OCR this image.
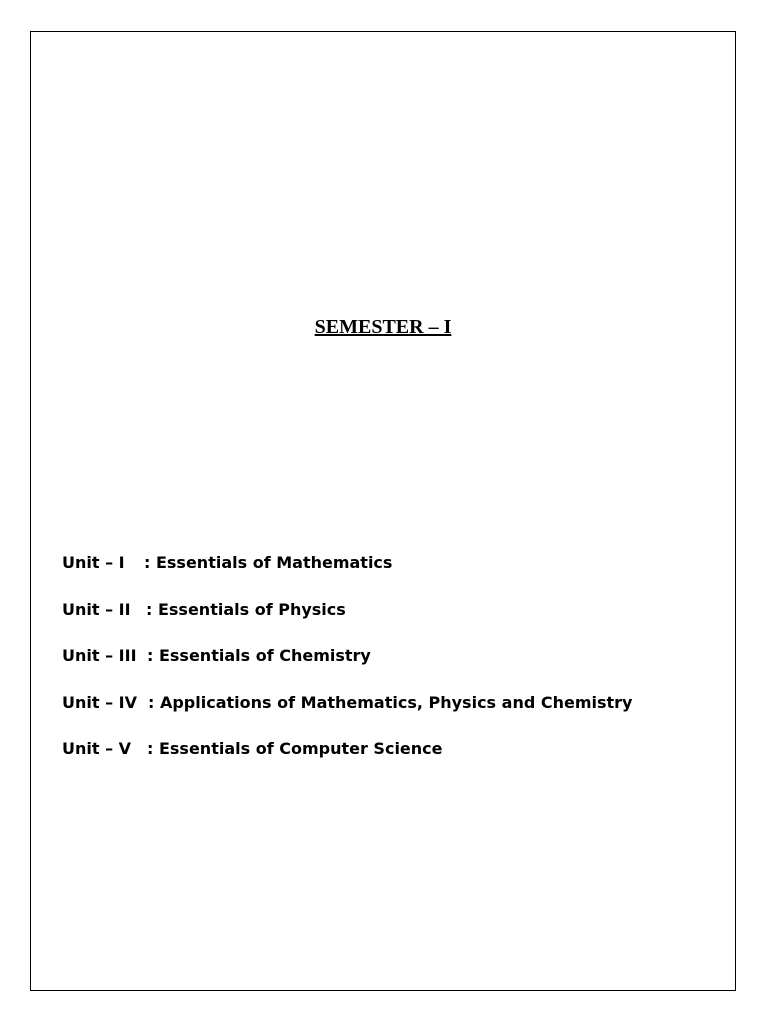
SEMESTER – I
Unit – I : Essentials of Mathematics
Unit – II : Essentials of Physics
Unit – III : Essentials of Chemistry
Unit – IV : Applications of Mathematics, Physics and Chemistry
Unit – V : Essentials of Computer Science
